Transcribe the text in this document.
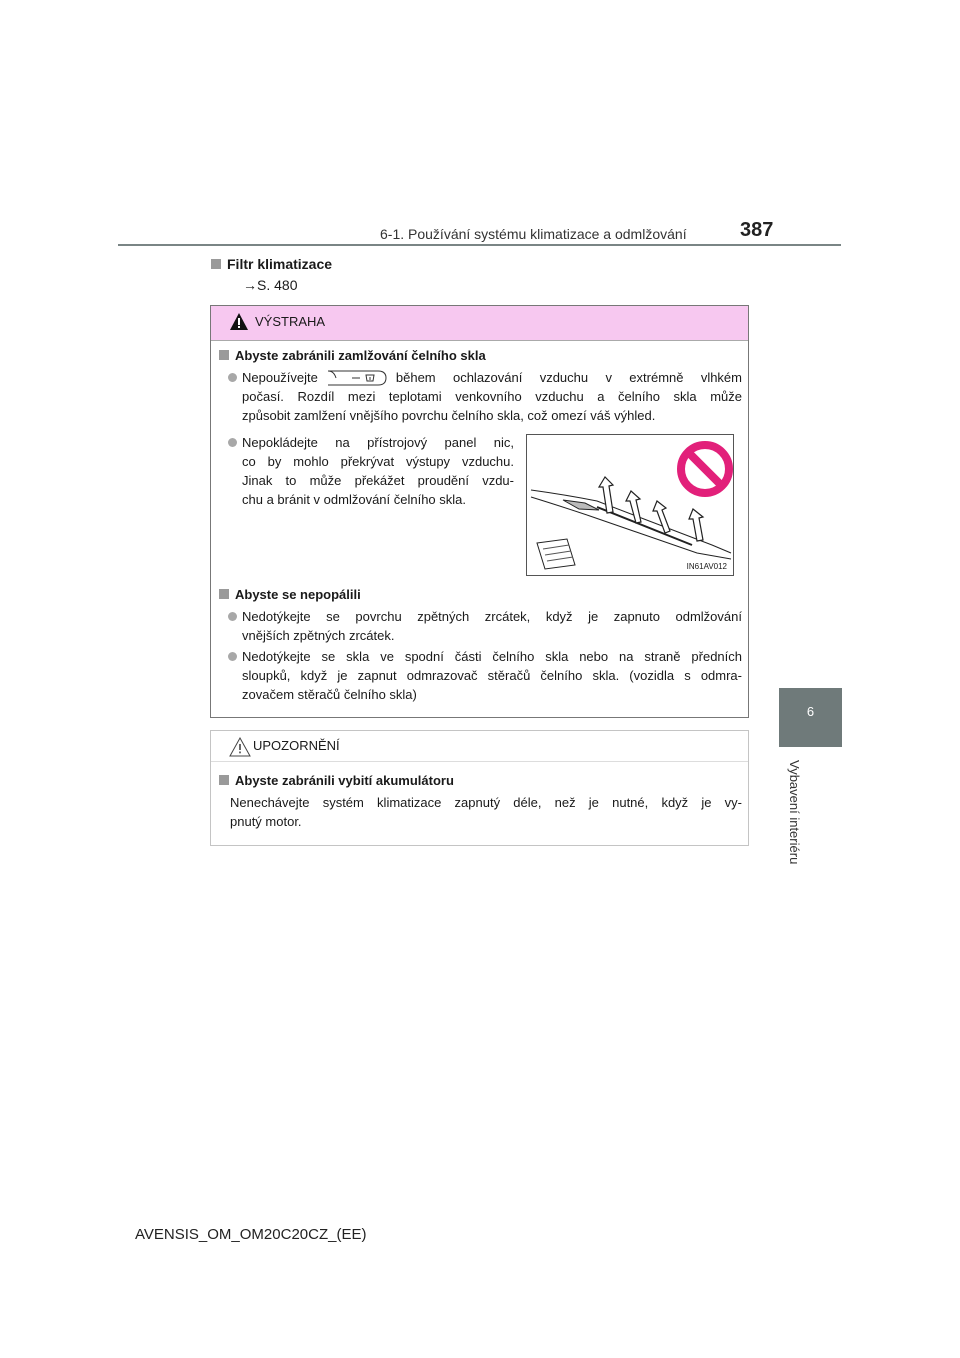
6-1. Používání systému klimatizace a odmlžování	387
6
Vybavení interiéru
Filtr klimatizace
→S. 480
VÝSTRAHA
Abyste zabránili zamlžování čelního skla
Nepoužívejte	během ochlazování vzduchu v extrémně vlhkém
počasí. Rozdíl mezi teplotami venkovního vzduchu a čelního skla může
způsobit zamlžení vnějšího povrchu čelního skla, což omezí váš výhled.
Nepokládejte na přístrojový panel nic,
co by mohlo překrývat výstupy vzduchu.
Jinak to může překážet proudění vzdu-
chu a bránit v odmlžování čelního skla.
IN61AV012
Abyste se nepopálili
Nedotýkejte se povrchu zpětných zrcátek, když je zapnuto odmlžování
vnějších zpětných zrcátek.
Nedotýkejte se skla ve spodní části čelního skla nebo na straně předních
sloupků, když je zapnut odmrazovač stěračů čelního skla. (vozidla s odmra-
zovačem stěračů čelního skla)
UPOZORNĚNÍ
Abyste zabránili vybití akumulátoru
Nenechávejte systém klimatizace zapnutý déle, než je nutné, když je vy-
pnutý motor.
AVENSIS_OM_OM20C20CZ_(EE)
